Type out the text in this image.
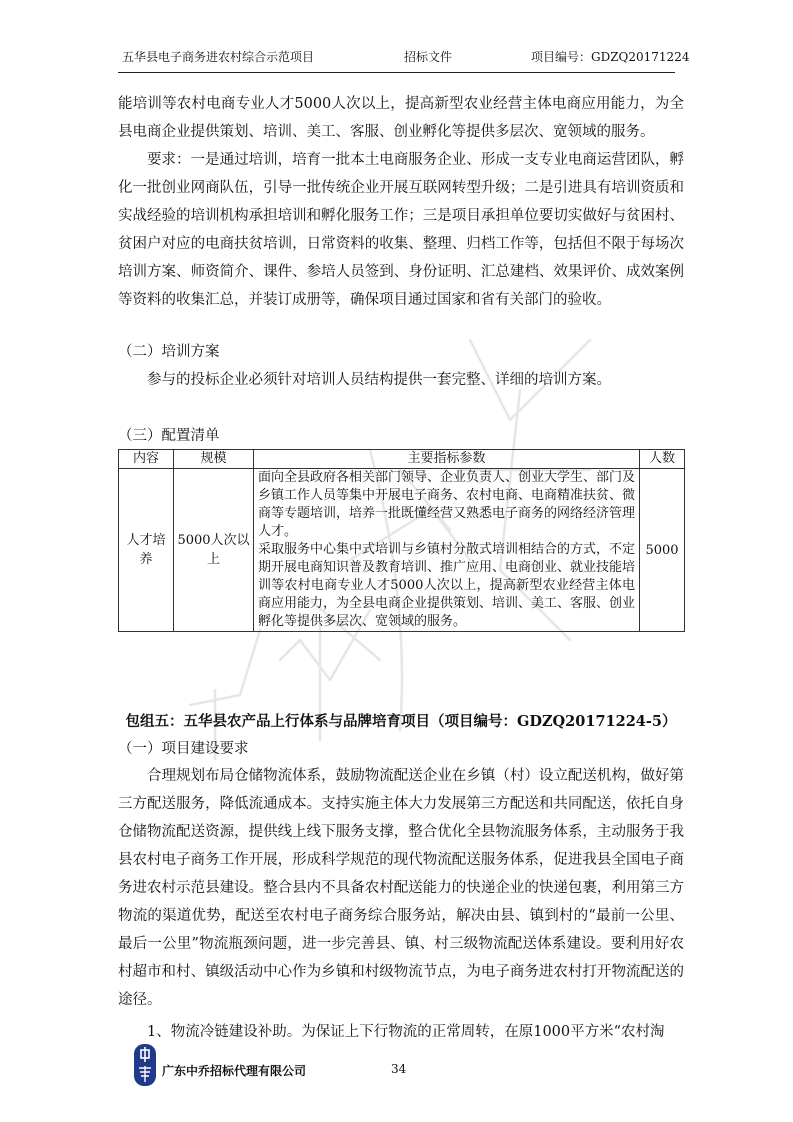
五华县电子商务进农村综合示范项目	招标文件	项目编号：GDZQ20171224

能培训等农村电商专业人才5000人次以上，提高新型农业经营主体电商应用能力，为全县电商企业提供策划、培训、美工、客服、创业孵化等提供多层次、宽领域的服务。

要求：一是通过培训，培育一批本土电商服务企业、形成一支专业电商运营团队，孵化一批创业网商队伍，引导一批传统企业开展互联网转型升级；二是引进具有培训资质和实战经验的培训机构承担培训和孵化服务工作；三是项目承担单位要切实做好与贫困村、贫困户对应的电商扶贫培训，日常资料的收集、整理、归档工作等，包括但不限于每场次培训方案、师资简介、课件、参培人员签到、身份证明、汇总建档、效果评价、成效案例等资料的收集汇总，并装订成册等，确保项目通过国家和省有关部门的验收。

（二）培训方案

参与的投标企业必须针对培训人员结构提供一套完整、详细的培训方案。

（三）配置清单
内容	规模	主要指标参数	人数
人才培养	5000人次以上	面向全县政府各相关部门领导、企业负责人、创业大学生、部门及乡镇工作人员等集中开展电子商务、农村电商、电商精准扶贫、微商等专题培训，培养一批既懂经营又熟悉电子商务的网络经济管理人才。

采取服务中心集中式培训与乡镇村分散式培训相结合的方式，不定期开展电商知识普及教育培训、推广应用、电商创业、就业技能培训等农村电商专业人才5000人次以上，提高新型农业经营主体电商应用能力，为全县电商企业提供策划、培训、美工、客服、创业孵化等提供多层次、宽领域的服务。	5000
包组五：五华县农产品上行体系与品牌培育项目（项目编号：GDZQ20171224-5）
（一）项目建设要求

合理规划布局仓储物流体系，鼓励物流配送企业在乡镇（村）设立配送机构，做好第三方配送服务，降低流通成本。支持实施主体大力发展第三方配送和共同配送，依托自身仓储物流配送资源，提供线上线下服务支撑，整合优化全县物流服务体系，主动服务于我县农村电子商务工作开展，形成科学规范的现代物流配送服务体系，促进我县全国电子商务进农村示范县建设。整合县内不具备农村配送能力的快递企业的快递包裹，利用第三方物流的渠道优势，配送至农村电子商务综合服务站，解决由县、镇到村的“最前一公里、最后一公里”物流瓶颈问题，进一步完善县、镇、村三级物流配送体系建设。要利用好农村超市和村、镇级活动中心作为乡镇和村级物流节点，为电子商务进农村打开物流配送的途径。

1、物流冷链建设补助。为保证上下行物流的正常周转，在原1000平方米“农村淘

广东中乔招标代理有限公司	34
